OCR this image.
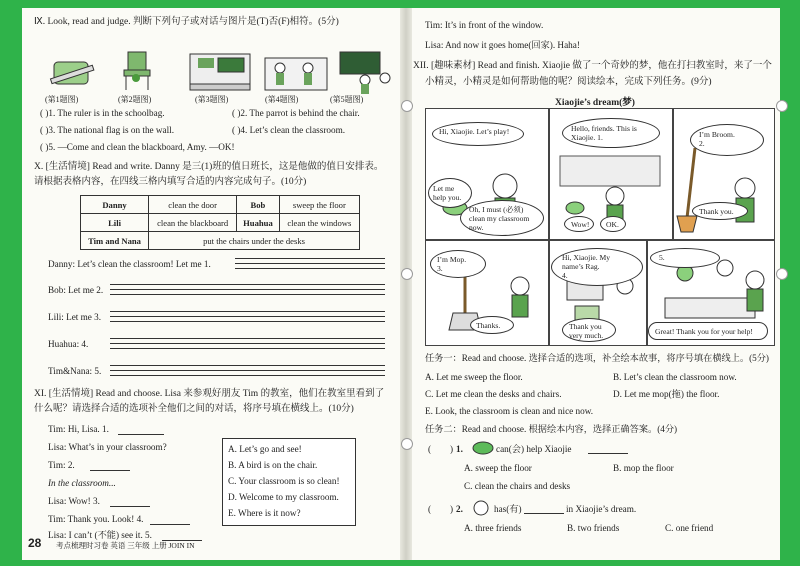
Ⅸ. Look, read and judge. 判断下列句子或对话与图片是(T)否(F)相符。(5分)
(第1题图)	(第2题图)	(第3题图)	(第4题图)	(第5题图)
( )1. The ruler is in the schoolbag.	( )2. The parrot is behind the chair.
( )3. The national flag is on the wall.	( )4. Let’s clean the classroom.
( )5. —Come and clean the blackboard, Amy. —OK!
X. [生活情境] Read and write. Danny 是三(1)班的值日班长，这是他做的值日安排表。
请根据表格内容，在四线三格内填写合适的内容完成句子。(10分)
Danny	clean the door	Bob	sweep the floor
Lili	clean the blackboard	Huahua	clean the windows
Tim and Nana	put the chairs under the desks		
Danny: Let’s clean the classroom! Let me 1.
Bob: Let me 2.
Lili: Let me 3.
Huahua: 4.
Tim&Nana: 5.
XI. [生活情境] Read and choose. Lisa 来参观好朋友 Tim 的教室，他们在教室里看到了
什么呢？请选择合适的选项补全他们之间的对话，将序号填在横线上。(10分)
Tim: Hi, Lisa. 1.
Lisa: What’s in your classroom?
Tim: 2.
In the classroom...
Lisa: Wow! 3.
Tim: Thank you. Look! 4.
Lisa: I can’t (不能) see it. 5.
A. Let’s go and see!
B. A bird is on the chair.
C. Your classroom is so clean!
D. Welcome to my classroom.
E. Where is it now?
28 考点梳理时习卷 英语 三年级 上册 JOIN IN
Tim: It’s in front of the window.
Lisa: And now it goes home(回家). Haha!
XII. [趣味素材] Read and finish. Xiaojie 做了一个奇妙的梦，他在打扫教室时，来了一个
小精灵，小精灵是如何帮助他的呢？阅读绘本，完成下列任务。(9分)
Xiaojie’s dream(梦)
Hi, Xiaojie. Let’s play!
Let me
help you.
Oh, I must (必须)
clean my classroom
now.
Hello, friends. This is
Xiaojie. 1.
Wow!	OK.
I’m Broom.
2.
Thank you.
I’m Mop.
3.
Thanks.
Hi, Xiaojie. My
name’s Rag.
4.
Thank you
very much.
5.
Great! Thank you for your help!
任务一：Read and choose. 选择合适的选项，补全绘本故事，将序号填在横线上。(5分)
A. Let me sweep the floor.	B. Let’s clean the classroom now.
C. Let me clean the desks and chairs.	D. Let me mop(拖) the floor.
E. Look, the classroom is clean and nice now.
任务二：Read and choose. 根据绘本内容，选择正确答案。(4分)
( ) 1.	can(会) help Xiaojie
A. sweep the floor	B. mop the floor
C. clean the chairs and desks
( ) 2.	has(有)	in Xiaojie’s dream.
A. three friends	B. two friends	C. one friend
